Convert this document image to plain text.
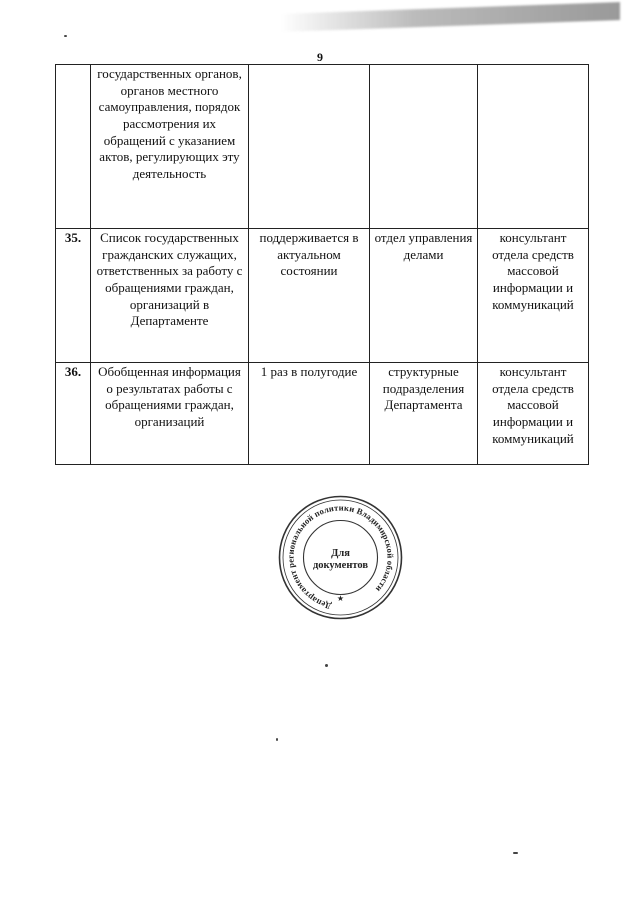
9
	государственных органов, органов местного самоуправления, порядок рассмотрения их обращений с указанием актов, регулирующих эту деятельность			
35.	Список государственных гражданских служащих, ответственных за работу с обращениями граждан, организаций в Департаменте	поддерживается в актуальном состоянии	отдел управления делами	консультант отдела средств массовой информации и коммуникаций
36.	Обобщенная информация о результатах работы с обращениями граждан, организаций	1 раз в полугодие	структурные подразделения Департамента	консультант отдела средств массовой информации и коммуникаций
Департамент региональной политики Владимирской области
★
Для
документов
